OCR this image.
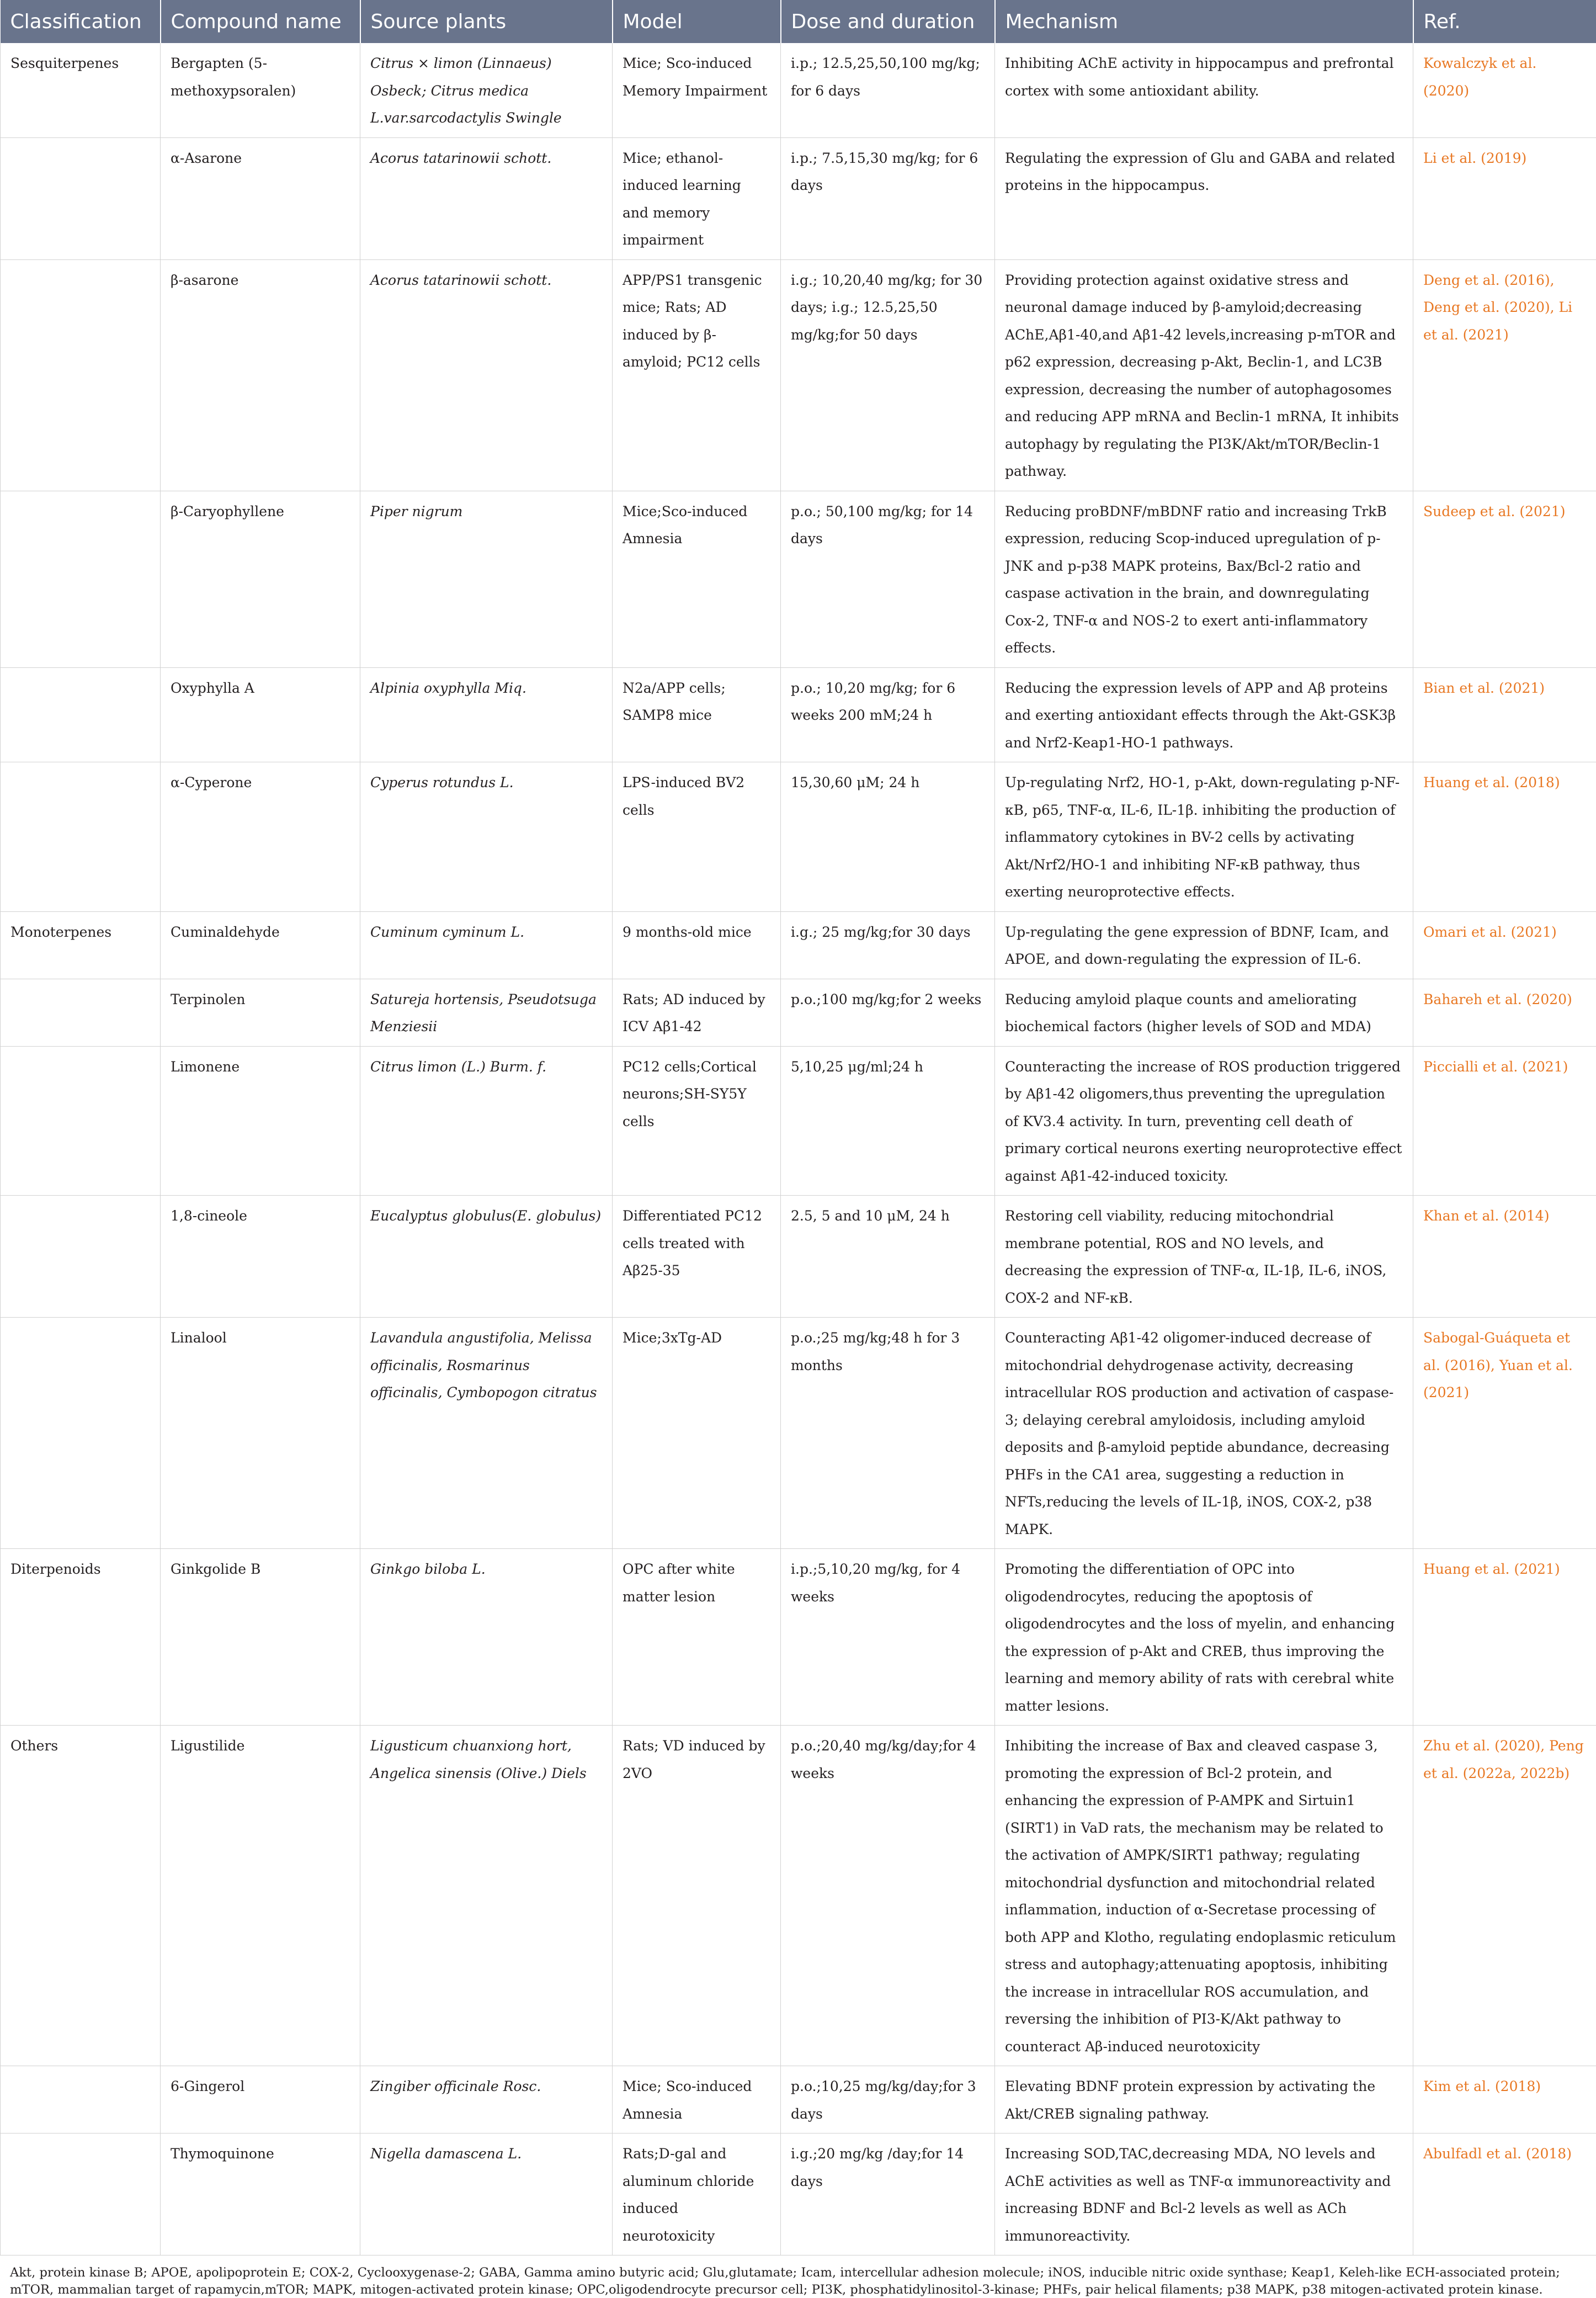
Classification	Compound name	Source plants	Model	Dose and duration	Mechanism	Ref.
Sesquiterpenes	Bergapten (5-methoxypsoralen)	Citrus × limon (Linnaeus) Osbeck; Citrus medica L.var.sarcodactylis Swingle	Mice; Sco-induced Memory Impairment	i.p.; 12.5,25,50,100 mg/kg; for 6 days	Inhibiting AChE activity in hippocampus and prefrontal cortex with some antioxidant ability.	Kowalczyk et al. (2020)
	α-Asarone	Acorus tatarinowii schott.	Mice; ethanol-induced learning and memory impairment	i.p.; 7.5,15,30 mg/kg; for 6 days	Regulating the expression of Glu and GABA and related proteins in the hippocampus.	Li et al. (2019)
	β-asarone	Acorus tatarinowii schott.	APP/PS1 transgenic mice; Rats; AD induced by β-amyloid; PC12 cells	i.g.; 10,20,40 mg/kg; for 30 days; i.g.; 12.5,25,50 mg/kg;for 50 days	Providing protection against oxidative stress and neuronal damage induced by β-amyloid;decreasing AChE,Aβ1-40,and Aβ1-42 levels,increasing p-mTOR and p62 expression, decreasing p-Akt, Beclin-1, and LC3B expression, decreasing the number of autophagosomes and reducing APP mRNA and Beclin-1 mRNA, It inhibits autophagy by regulating the PI3K/Akt/mTOR/Beclin-1 pathway.	Deng et al. (2016), Deng et al. (2020), Li et al. (2021)
	β-Caryophyllene	Piper nigrum	Mice;Sco-induced Amnesia	p.o.; 50,100 mg/kg; for 14 days	Reducing proBDNF/mBDNF ratio and increasing TrkB expression, reducing Scop-induced upregulation of p-JNK and p-p38 MAPK proteins, Bax/Bcl-2 ratio and caspase activation in the brain, and downregulating Cox-2, TNF-α and NOS-2 to exert anti-inflammatory effects.	Sudeep et al. (2021)
	Oxyphylla A	Alpinia oxyphylla Miq.	N2a/APP cells; SAMP8 mice	p.o.; 10,20 mg/kg; for 6 weeks 200 mM;24 h	Reducing the expression levels of APP and Aβ proteins and exerting antioxidant effects through the Akt-GSK3β and Nrf2-Keap1-HO-1 pathways.	Bian et al. (2021)
	α-Cyperone	Cyperus rotundus L.	LPS-induced BV2 cells	15,30,60 μM; 24 h	Up-regulating Nrf2, HO-1, p-Akt, down-regulating p-NF-κB, p65, TNF-α, IL-6, IL-1β. inhibiting the production of inflammatory cytokines in BV-2 cells by activating Akt/Nrf2/HO-1 and inhibiting NF-κB pathway, thus exerting neuroprotective effects.	Huang et al. (2018)
Monoterpenes	Cuminaldehyde	Cuminum cyminum L.	9 months-old mice	i.g.; 25 mg/kg;for 30 days	Up-regulating the gene expression of BDNF, Icam, and APOE, and down-regulating the expression of IL-6.	Omari et al. (2021)
	Terpinolen	Satureja hortensis, Pseudotsuga Menziesii	Rats; AD induced by ICV Aβ1-42	p.o.;100 mg/kg;for 2 weeks	Reducing amyloid plaque counts and ameliorating biochemical factors (higher levels of SOD and MDA)	Bahareh et al. (2020)
	Limonene	Citrus limon (L.) Burm. f.	PC12 cells;Cortical neurons;SH-SY5Y cells	5,10,25 μg/ml;24 h	Counteracting the increase of ROS production triggered by Aβ1-42 oligomers,thus preventing the upregulation of KV3.4 activity. In turn, preventing cell death of primary cortical neurons exerting neuroprotective effect against Aβ1-42-induced toxicity.	Piccialli et al. (2021)
	1,8-cineole	Eucalyptus globulus(E. globulus)	Differentiated PC12 cells treated with Aβ25-35	2.5, 5 and 10 μM, 24 h	Restoring cell viability, reducing mitochondrial membrane potential, ROS and NO levels, and decreasing the expression of TNF-α, IL-1β, IL-6, iNOS, COX-2 and NF-κB.	Khan et al. (2014)
	Linalool	Lavandula angustifolia, Melissa officinalis, Rosmarinus officinalis, Cymbopogon citratus	Mice;3xTg-AD	p.o.;25 mg/kg;48 h for 3 months	Counteracting Aβ1-42 oligomer-induced decrease of mitochondrial dehydrogenase activity, decreasing intracellular ROS production and activation of caspase-3; delaying cerebral amyloidosis, including amyloid deposits and β-amyloid peptide abundance, decreasing PHFs in the CA1 area, suggesting a reduction in NFTs,reducing the levels of IL-1β, iNOS, COX-2, p38 MAPK.	Sabogal-Guáqueta et al. (2016), Yuan et al. (2021)
Diterpenoids	Ginkgolide B	Ginkgo biloba L.	OPC after white matter lesion	i.p.;5,10,20 mg/kg, for 4 weeks	Promoting the differentiation of OPC into oligodendrocytes, reducing the apoptosis of oligodendrocytes and the loss of myelin, and enhancing the expression of p-Akt and CREB, thus improving the learning and memory ability of rats with cerebral white matter lesions.	Huang et al. (2021)
Others	Ligustilide	Ligusticum chuanxiong hort, Angelica sinensis (Olive.) Diels	Rats; VD induced by 2VO	p.o.;20,40 mg/kg/day;for 4 weeks	Inhibiting the increase of Bax and cleaved caspase 3, promoting the expression of Bcl-2 protein, and enhancing the expression of P-AMPK and Sirtuin1 (SIRT1) in VaD rats, the mechanism may be related to the activation of AMPK/SIRT1 pathway; regulating mitochondrial dysfunction and mitochondrial related inflammation, induction of α-Secretase processing of both APP and Klotho, regulating endoplasmic reticulum stress and autophagy;attenuating apoptosis, inhibiting the increase in intracellular ROS accumulation, and reversing the inhibition of PI3-K/Akt pathway to counteract Aβ-induced neurotoxicity	Zhu et al. (2020), Peng et al. (2022a, 2022b)
	6-Gingerol	Zingiber officinale Rosc.	Mice; Sco-induced Amnesia	p.o.;10,25 mg/kg/day;for 3 days	Elevating BDNF protein expression by activating the Akt/CREB signaling pathway.	Kim et al. (2018)
	Thymoquinone	Nigella damascena L.	Rats;D-gal and aluminum chloride induced neurotoxicity	i.g.;20 mg/kg /day;for 14 days	Increasing SOD,TAC,decreasing MDA, NO levels and AChE activities as well as TNF-α immunoreactivity and increasing BDNF and Bcl-2 levels as well as ACh immunoreactivity.	Abulfadl et al. (2018)
Akt, protein kinase B; APOE, apolipoprotein E; COX-2, Cyclooxygenase-2; GABA, Gamma amino butyric acid; Glu,glutamate; Icam, intercellular adhesion molecule; iNOS, inducible nitric oxide synthase; Keap1, Keleh-like ECH-associated protein; mTOR, mammalian target of rapamycin,mTOR; MAPK, mitogen-activated protein kinase; OPC,oligodendrocyte precursor cell; PI3K, phosphatidylinositol-3-kinase; PHFs, pair helical filaments; p38 MAPK, p38 mitogen-activated protein kinase.
